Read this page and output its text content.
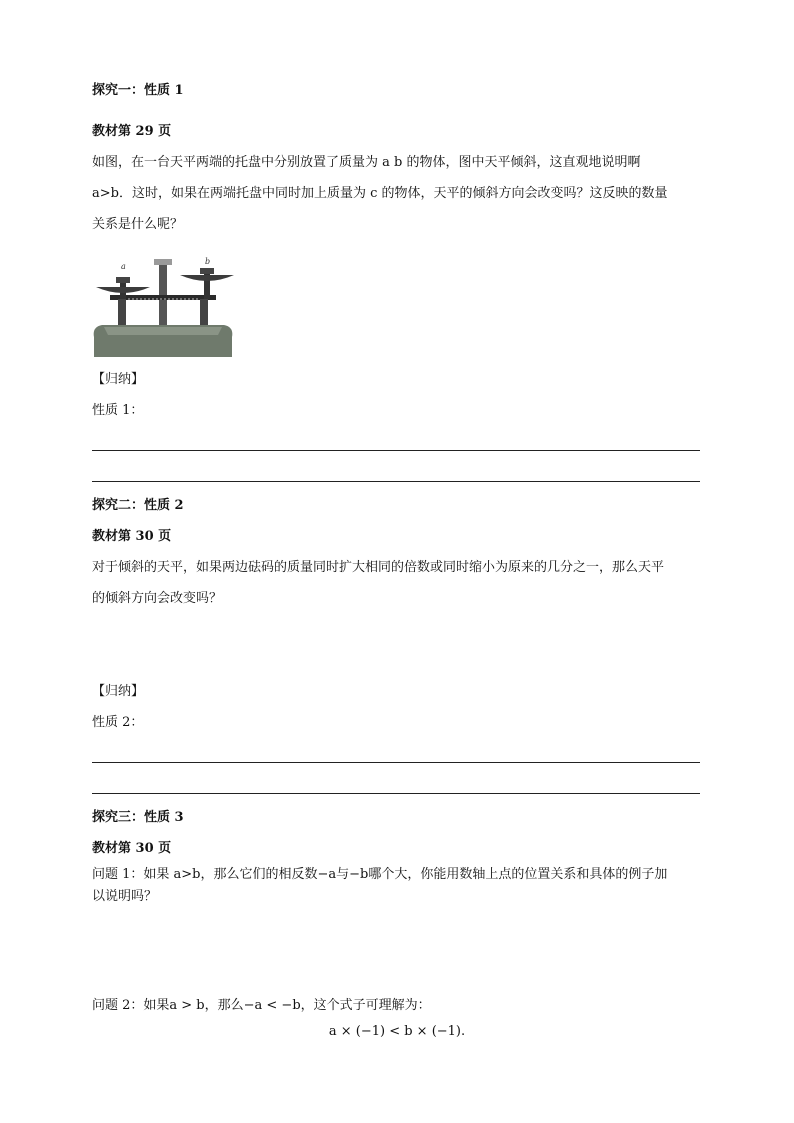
探究一：性质 1
教材第 29 页
如图，在一台天平两端的托盘中分别放置了质量为 a b 的物体，图中天平倾斜，这直观地说明啊
a>b．这时，如果在两端托盘中同时加上质量为 c 的物体，天平的倾斜方向会改变吗？这反映的数量
关系是什么呢？
a
b
【归纳】
性质 1：
探究二：性质 2
教材第 30 页
对于倾斜的天平，如果两边砝码的质量同时扩大相同的倍数或同时缩小为原来的几分之一，那么天平
的倾斜方向会改变吗？
【归纳】
性质 2：
探究三：性质 3
教材第 30 页
问题 1：如果 a>b，那么它们的相反数−a与−b哪个大，你能用数轴上点的位置关系和具体的例子加
以说明吗？
问题 2：如果a > b，那么−a < −b，这个式子可理解为：
a × (−1) < b × (−1).
